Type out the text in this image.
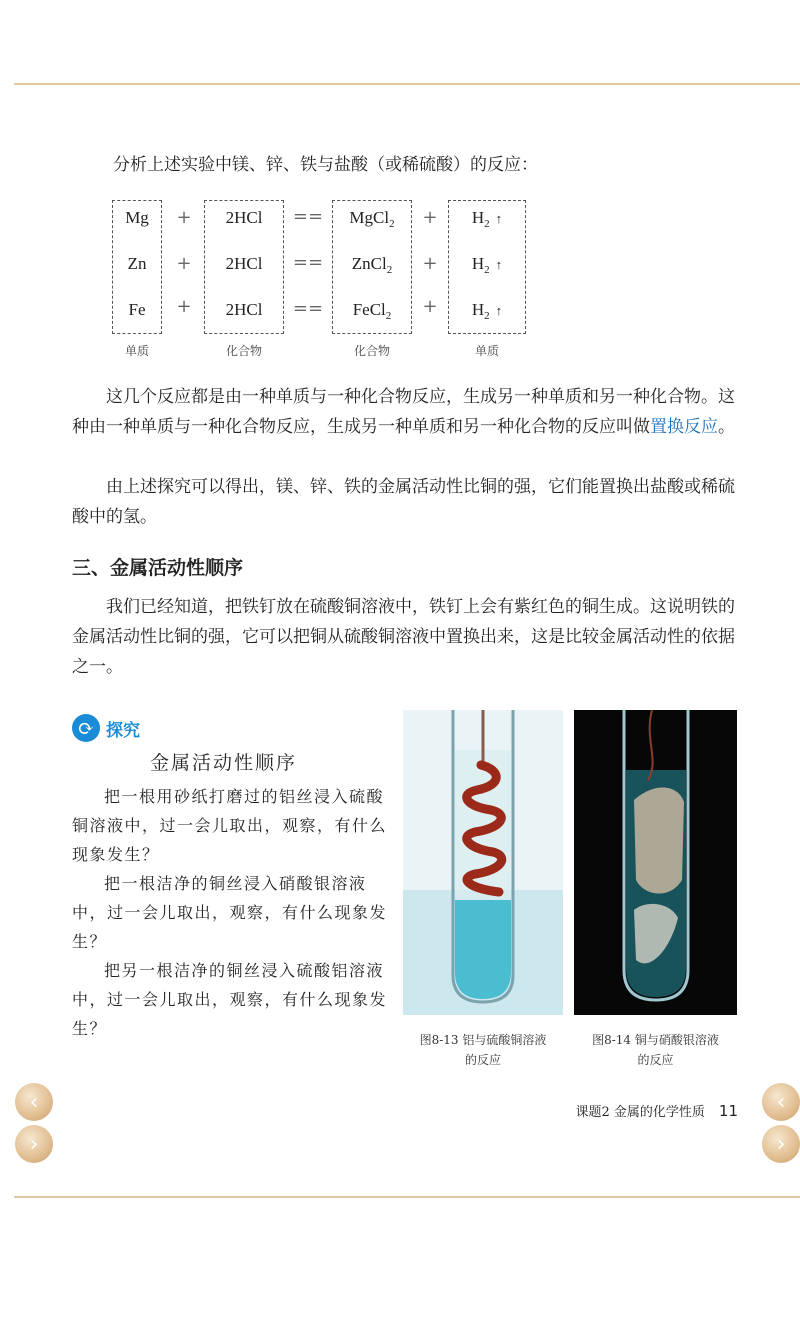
分析上述实验中镁、锌、铁与盐酸（或稀硫酸）的反应：
Mg + 2HCl == MgCl$_2$ + $H_2$ ↑
Zn + 2HCl == ZnCl$_2$ + $H_2$ ↑
Fe + 2HCl == FeCl$_2$ + $H_2$ ↑
单质	化合物	化合物	单质
这几个反应都是由一种单质与一种化合物反应，生成另一种单质和另一种化合物。这种由一种单质与一种化合物反应，生成另一种单质和另一种化合物的反应叫做置换反应。
由上述探究可以得出，镁、锌、铁的金属活动性比铜的强，它们能置换出盐酸或稀硫酸中的氢。
三、金属活动性顺序
我们已经知道，把铁钉放在硫酸铜溶液中，铁钉上会有紫红色的铜生成。这说明铁的金属活动性比铜的强，它可以把铜从硫酸铜溶液中置换出来，这是比较金属活动性的依据之一。
⟳ 探究
金属活动性顺序
把一根用砂纸打磨过的铝丝浸入硫酸铜溶液中，过一会儿取出，观察，有什么现象发生？
把一根洁净的铜丝浸入硝酸银溶液中，过一会儿取出，观察，有什么现象发生？
把另一根洁净的铜丝浸入硫酸铝溶液中，过一会儿取出，观察，有什么现象发生？
图8-13 铝与硫酸铜溶液
的反应
图8-14 铜与硝酸银溶液
的反应
课题2 金属的化学性质 11
‹
›
‹
›
